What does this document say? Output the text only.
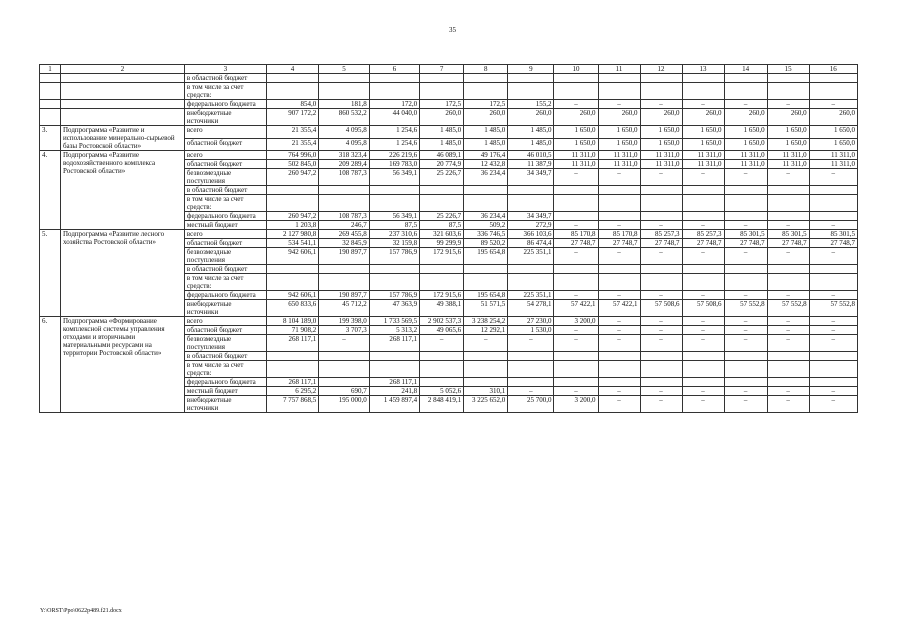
35
1	2	3	4	5	6	7	8	9	10	11	12	13	14	15	16
		в областной бюджет													
		в том числе за счет средств:													
		федерального бюджета	854,0	181,8	172,0	172,5	172,5	155,2	–	–	–	–	–	–	–
		внебюджетные источники	907 172,2	860 532,2	44 040,0	260,0	260,0	260,0	260,0	260,0	260,0	260,0	260,0	260,0	260,0
3.	Подпрограмма «Развитие и использование минерально-сырьевой базы Ростовской области»	всего	21 355,4	4 095,8	1 254,6	1 485,0	1 485,0	1 485,0	1 650,0	1 650,0	1 650,0	1 650,0	1 650,0	1 650,0	1 650,0
		областной бюджет	21 355,4	4 095,8	1 254,6	1 485,0	1 485,0	1 485,0	1 650,0	1 650,0	1 650,0	1 650,0	1 650,0	1 650,0	1 650,0
4.	Подпрограмма «Развитие водохозяйственного комплекса Ростовской области»	всего	764 996,0	318 323,4	226 219,6	46 089,1	49 176,4	46 010,5	11 311,0	11 311,0	11 311,0	11 311,0	11 311,0	11 311,0	11 311,0
		областной бюджет	502 845,0	209 289,4	169 783,0	20 774,9	12 432,8	11 387,9	11 311,0	11 311,0	11 311,0	11 311,0	11 311,0	11 311,0	11 311,0
		безвозмездные поступления	260 947,2	108 787,3	56 349,1	25 226,7	36 234,4	34 349,7	–	–	–	–	–	–	–
		в областной бюджет													
		в том числе за счет средств:													
		федерального бюджета	260 947,2	108 787,3	56 349,1	25 226,7	36 234,4	34 349,7							
		местный бюджет	1 203,8	246,7	87,5	87,5	509,2	272,9	–	–	–	–	–	–	–
5.	Подпрограмма «Развитие лесного хозяйства Ростовской области»	всего	2 127 980,8	269 455,8	237 310,6	321 603,6	336 746,5	366 103,6	85 170,8	85 170,8	85 257,3	85 257,3	85 301,5	85 301,5	85 301,5
		областной бюджет	534 541,1	32 845,9	32 159,8	99 299,9	89 520,2	86 474,4	27 748,7	27 748,7	27 748,7	27 748,7	27 748,7	27 748,7	27 748,7
		безвозмездные поступления	942 606,1	190 897,7	157 786,9	172 915,6	195 654,8	225 351,1	–	–	–	–	–	–	–
		в областной бюджет													
		в том числе за счет средств:													
		федерального бюджета	942 606,1	190 897,7	157 786,9	172 915,6	195 654,8	225 351,1	–	–	–	–	–	–	–
		внебюджетные источники	650 833,6	45 712,2	47 363,9	49 388,1	51 571,5	54 278,1	57 422,1	57 422,1	57 508,6	57 508,6	57 552,8	57 552,8	57 552,8
6.	Подпрограмма «Формирование комплексной системы управления отходами и вторичными материальными ресурсами на территории Ростовской области»	всего	8 104 189,0	199 398,0	1 733 569,5	2 902 537,3	3 238 254,2	27 230,0	3 200,0	–	–	–	–	–	–
		областной бюджет	71 908,2	3 707,3	5 313,2	49 065,6	12 292,1	1 530,0	–	–	–	–	–	–	–
		безвозмездные поступления	268 117,1	–	268 117,1	–	–	–	–	–	–	–	–	–	–
		в областной бюджет													
		в том числе за счет средств:													
		федерального бюджета	268 117,1		268 117,1										
		местный бюджет	6 295,2	690,7	241,8	5 052,6	310,1	–	–	–	–	–	–	–	–
		внебюджетные источники	7 757 868,5	195 000,0	1 459 897,4	2 848 419,1	3 225 652,0	25 700,0	3 200,0	–	–	–	–	–	–
Y:\ORST\Ppo\0622p489.f21.docx
